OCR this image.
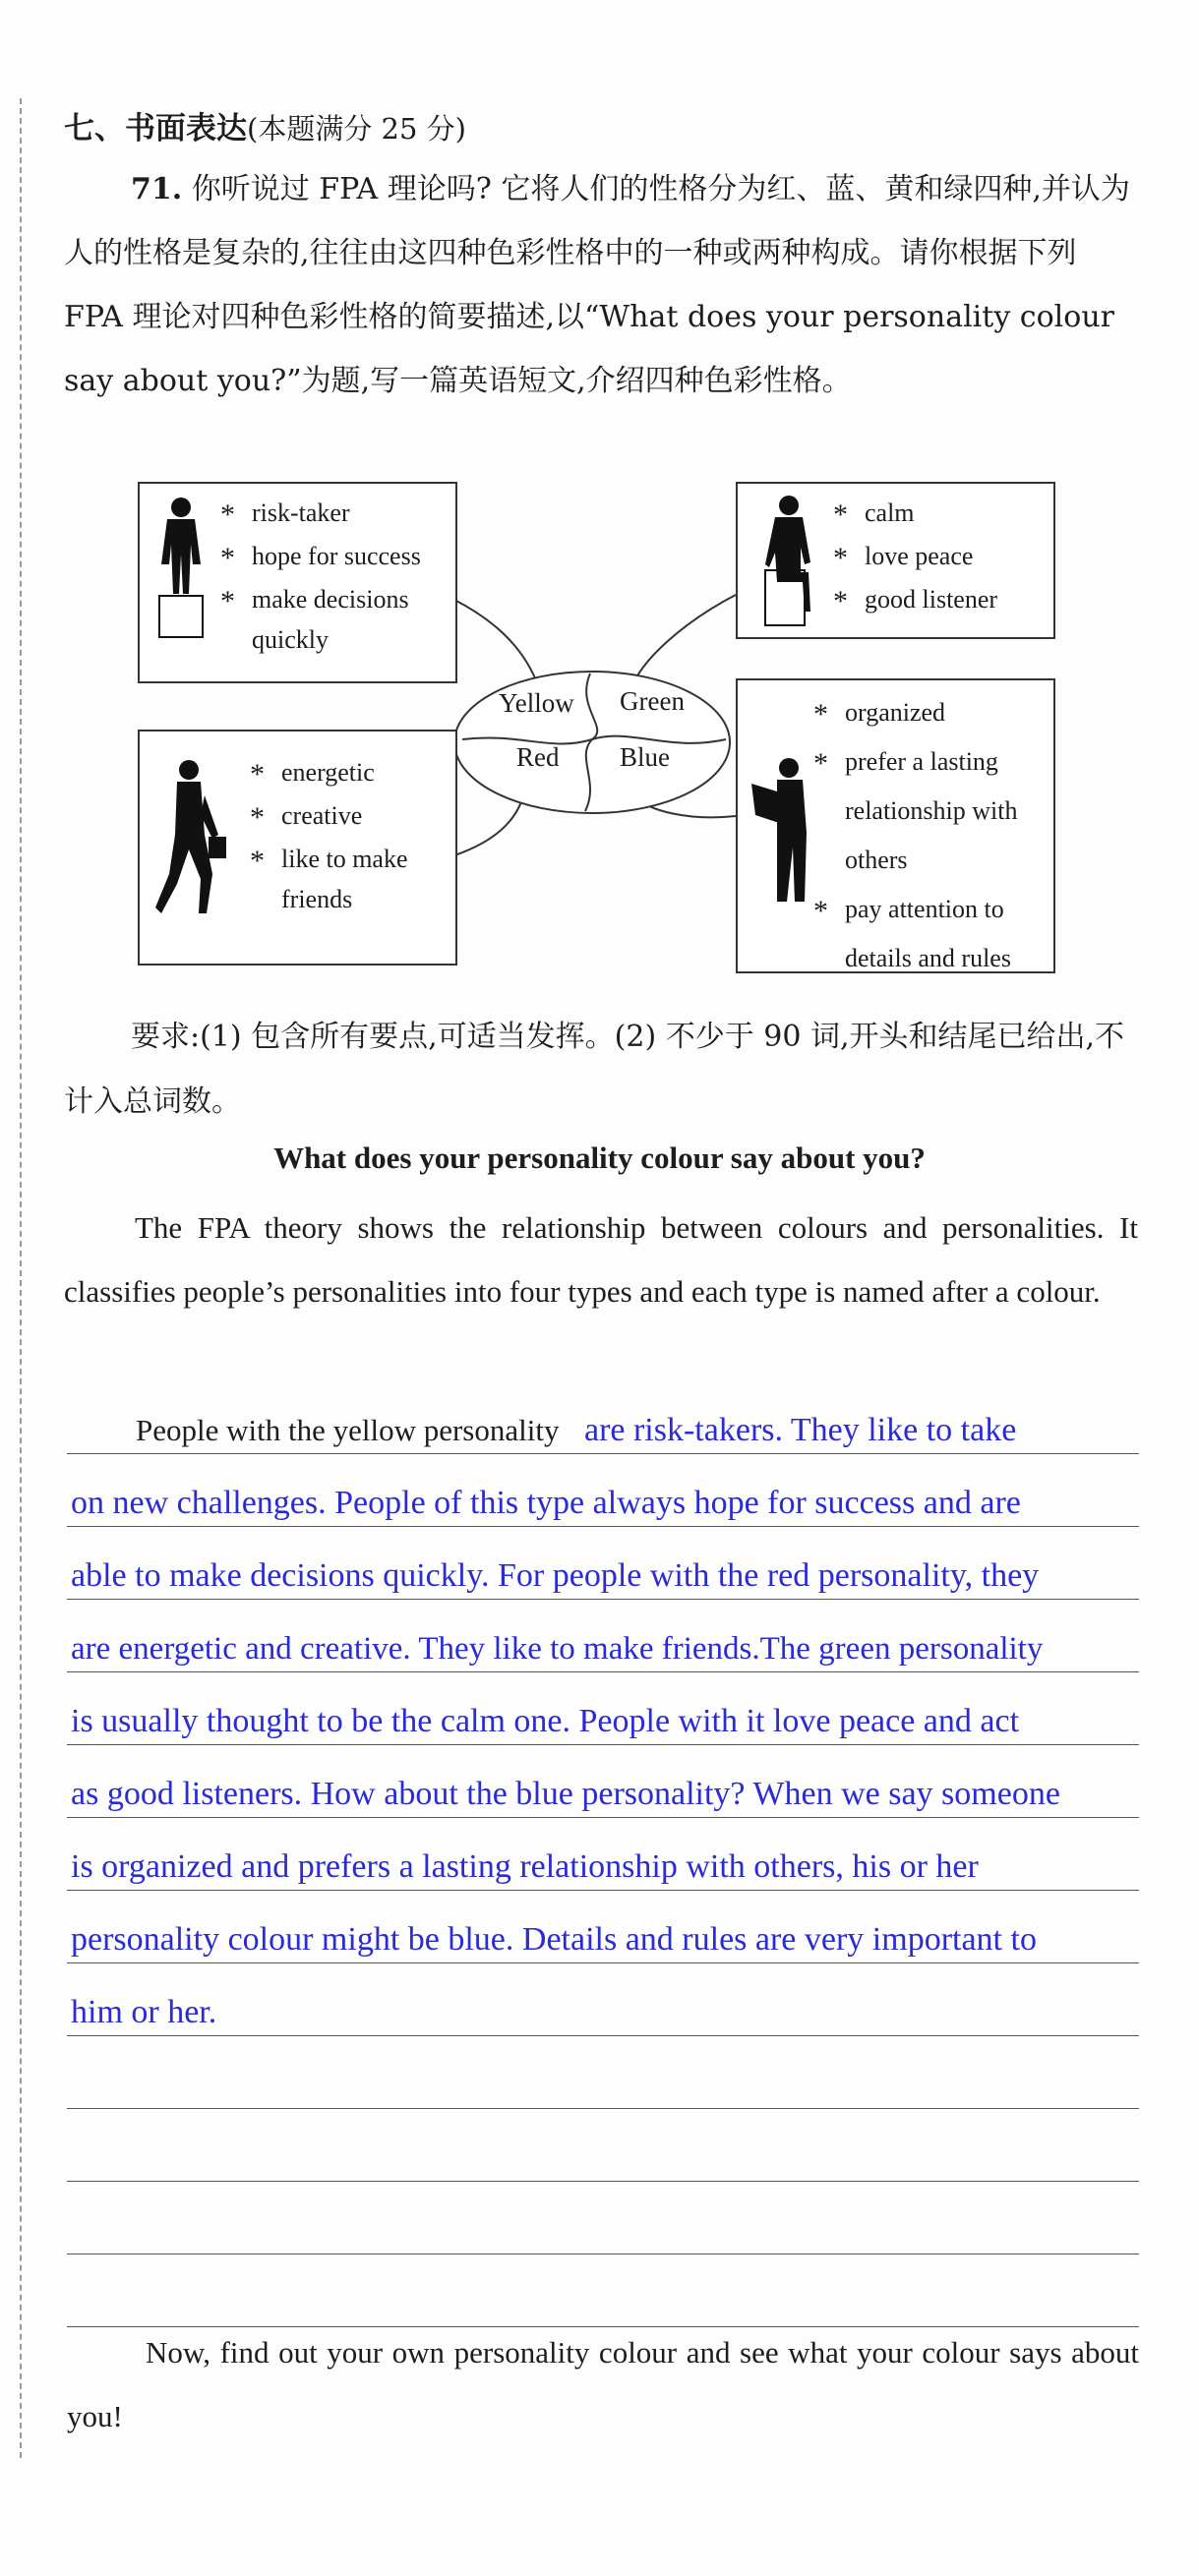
七、书面表达(本题满分 25 分)
71. 你听说过 FPA 理论吗? 它将人们的性格分为红、蓝、黄和绿四种,并认为人的性格是复杂的,往往由这四种色彩性格中的一种或两种构成。请你根据下列 FPA 理论对四种色彩性格的简要描述,以“What does your personality colour say about you?”为题,写一篇英语短文,介绍四种色彩性格。
Yellow Green
Red Blue
* risk-taker
* hope for success
* make decisions
quickly
* calm
* love peace
* good listener
* energetic
* creative
* like to make
friends
* organized
* prefer a lasting
relationship with
others
* pay attention to
details and rules
要求:(1) 包含所有要点,可适当发挥。(2) 不少于 90 词,开头和结尾已给出,不计入总词数。
What does your personality colour say about you?
The FPA theory shows the relationship between colours and personalities. It classifies people’s personalities into four types and each type is named after a colour.
People with the yellow personality are risk-takers. They like to take
on new challenges. People of this type always hope for success and are
able to make decisions quickly. For people with the red personality, they
are energetic and creative. They like to make friends.The green personality
is usually thought to be the calm one. People with it love peace and act
as good listeners. How about the blue personality? When we say someone
is organized and prefers a lasting relationship with others, his or her
personality colour might be blue. Details and rules are very important to
him or her.
Now, find out your own personality colour and see what your colour says about you!
